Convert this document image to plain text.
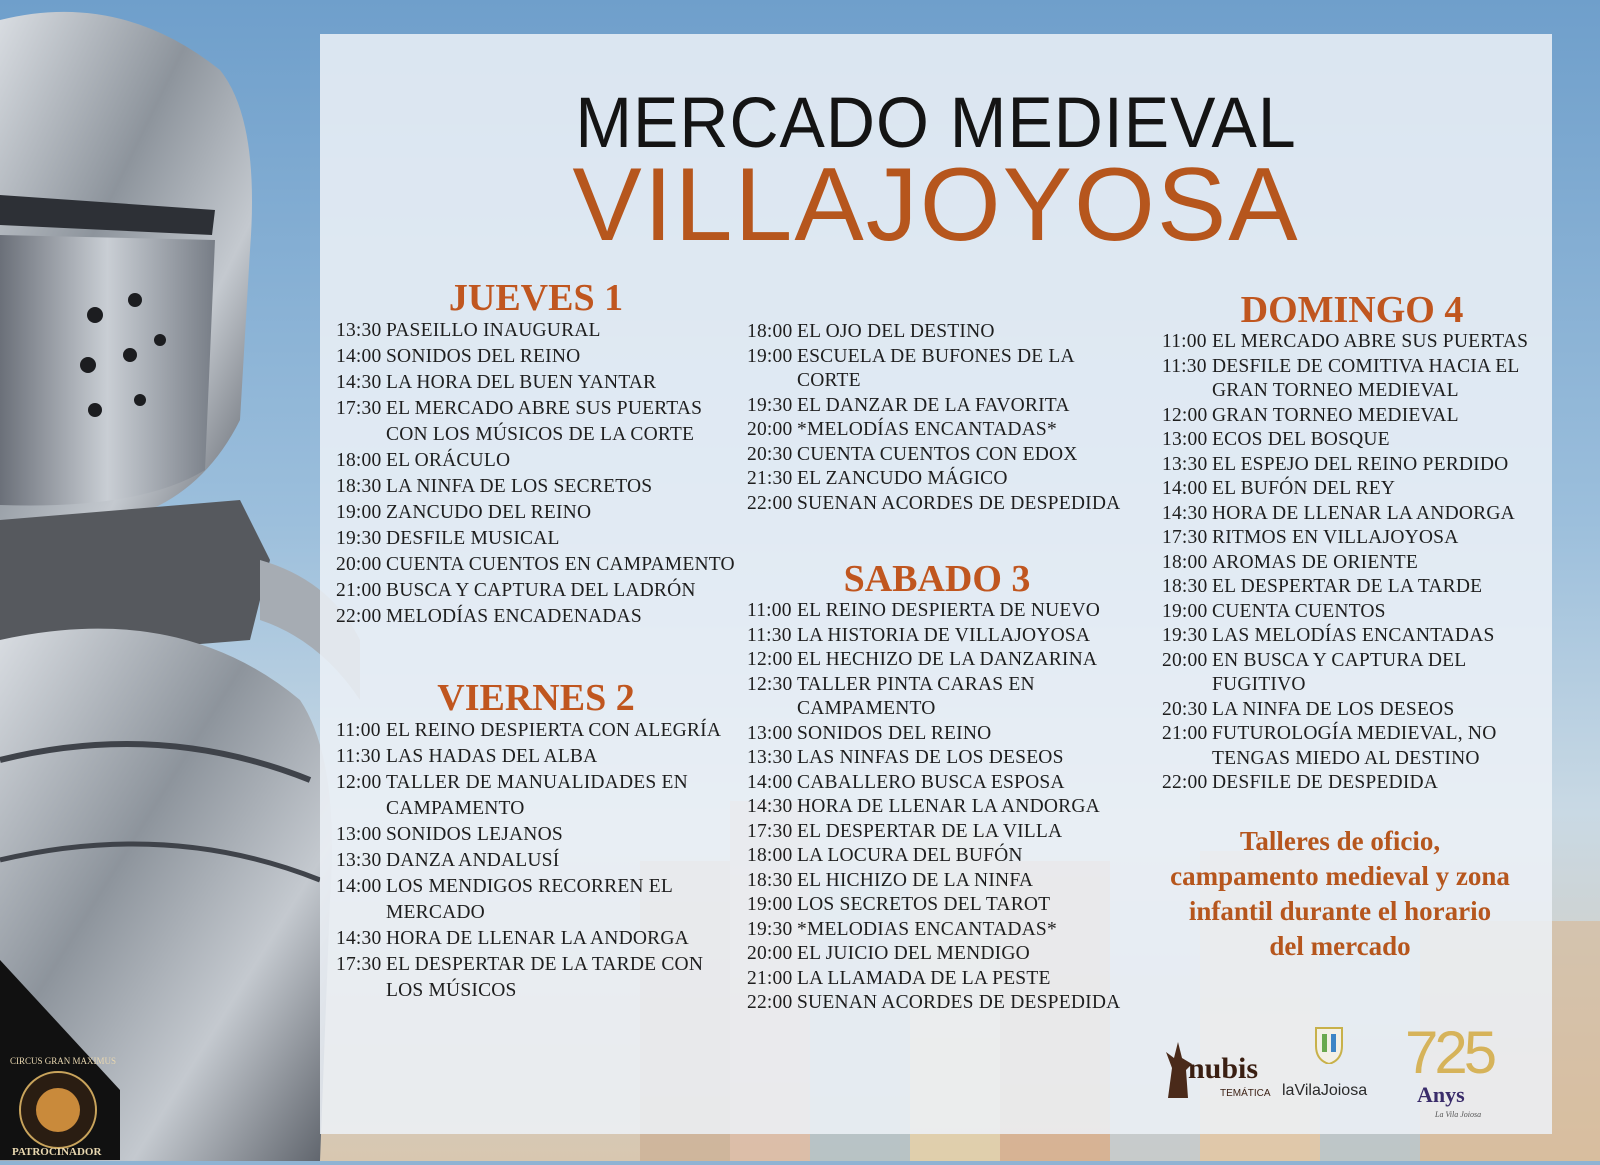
CIRCUS GRAN MAXIMUS
PATROCINADOR
MERCADO MEDIEVAL
VILLAJOYOSA
JUEVES 1
13:30 PASEILLO INAUGURAL
14:00 SONIDOS DEL REINO
14:30 LA HORA DEL BUEN YANTAR
17:30 EL MERCADO ABRE SUS PUERTAS CON LOS MÚSICOS DE LA CORTE
18:00 EL ORÁCULO
18:30 LA NINFA DE LOS SECRETOS
19:00 ZANCUDO DEL REINO
19:30 DESFILE MUSICAL
20:00 CUENTA CUENTOS EN CAMPAMENTO
21:00 BUSCA Y CAPTURA DEL LADRÓN
22:00 MELODÍAS ENCADENADAS
VIERNES 2
11:00 EL REINO DESPIERTA CON ALEGRÍA
11:30 LAS HADAS DEL ALBA
12:00 TALLER DE MANUALIDADES EN CAMPAMENTO
13:00 SONIDOS LEJANOS
13:30 DANZA ANDALUSÍ
14:00 LOS MENDIGOS RECORREN EL MERCADO
14:30 HORA DE LLENAR LA ANDORGA
17:30 EL DESPERTAR DE LA TARDE CON LOS MÚSICOS
18:00 EL OJO DEL DESTINO
19:00 ESCUELA DE BUFONES DE LA CORTE
19:30 EL DANZAR DE LA FAVORITA
20:00 *MELODÍAS ENCANTADAS*
20:30 CUENTA CUENTOS CON EDOX
21:30 EL ZANCUDO MÁGICO
22:00 SUENAN ACORDES DE DESPEDIDA
SABADO 3
11:00 EL REINO DESPIERTA DE NUEVO
11:30 LA HISTORIA DE VILLAJOYOSA
12:00 EL HECHIZO DE LA DANZARINA
12:30 TALLER PINTA CARAS EN CAMPAMENTO
13:00 SONIDOS DEL REINO
13:30 LAS NINFAS DE LOS DESEOS
14:00 CABALLERO BUSCA ESPOSA
14:30 HORA DE LLENAR LA ANDORGA
17:30 EL DESPERTAR DE LA VILLA
18:00 LA LOCURA DEL BUFÓN
18:30 EL HICHIZO DE LA NINFA
19:00 LOS SECRETOS DEL TAROT
19:30 *MELODIAS ENCANTADAS*
20:00 EL JUICIO DEL MENDIGO
21:00 LA LLAMADA DE LA PESTE
22:00 SUENAN ACORDES DE DESPEDIDA
DOMINGO 4
11:00 EL MERCADO ABRE SUS PUERTAS
11:30 DESFILE DE COMITIVA HACIA EL GRAN TORNEO MEDIEVAL
12:00 GRAN TORNEO MEDIEVAL
13:00 ECOS DEL BOSQUE
13:30 EL ESPEJO DEL REINO PERDIDO
14:00 EL BUFÓN DEL REY
14:30 HORA DE LLENAR LA ANDORGA
17:30 RITMOS EN VILLAJOYOSA
18:00 AROMAS DE ORIENTE
18:30 EL DESPERTAR DE LA TARDE
19:00 CUENTA CUENTOS
19:30 LAS MELODÍAS ENCANTADAS
20:00 EN BUSCA Y CAPTURA DEL FUGITIVO
20:30 LA NINFA DE LOS DESEOS
21:00 FUTUROLOGÍA MEDIEVAL, NO TENGAS MIEDO AL DESTINO
22:00 DESFILE DE DESPEDIDA
Talleres de oficio, campamento medieval y zona infantil durante el horario del mercado
nubis
TEMÁTICA laVilaJoiosa
725
Anys
La Vila Joiosa
